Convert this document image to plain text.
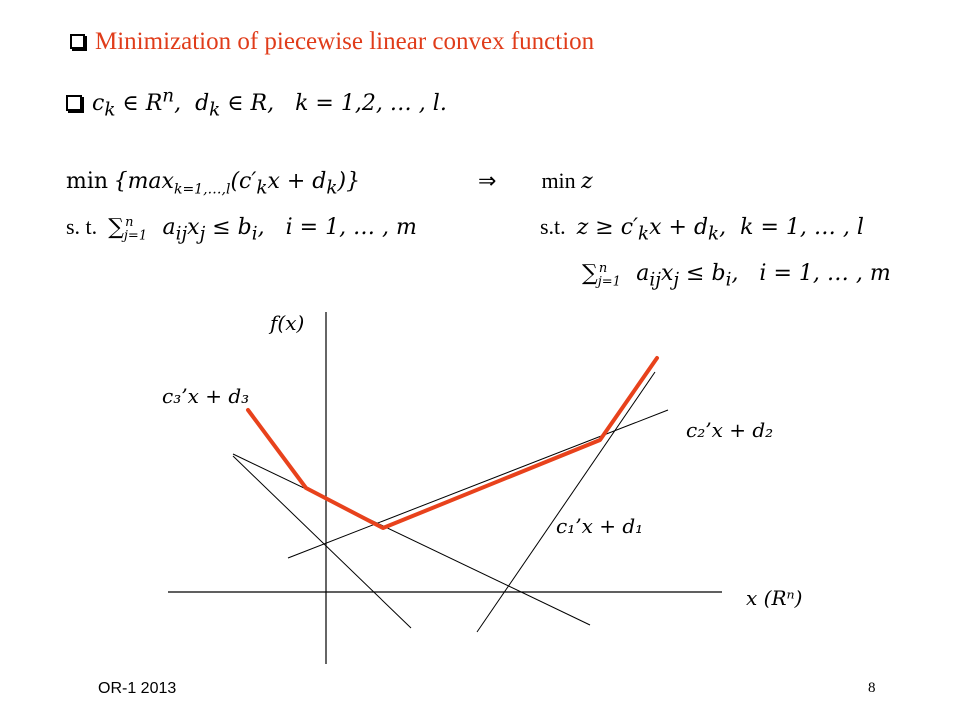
Minimization of piecewise linear convex function
$c_k$ ∈ $R^n$,  $d_k$ ∈ R,   k = 1,2, … , l.
$\min \{\max_{k=1,\dots,l}(c'_kx + d_k)\}$	⇒ min z
s. t. $\sum_{j=1}^n$ $a_{ij}x_j \le b_i$,   i = 1, … , m	s.t. $z \ge c'_kx + d_k$,  k = 1, … , l
$\sum_{j=1}^n$ $a_{ij}x_j \le b_i$,   i = 1, … , m
f(x)
x (Rⁿ)
c₃’x + d₃
c₂’x + d₂
c₁’x + d₁
OR-1 2013	8
